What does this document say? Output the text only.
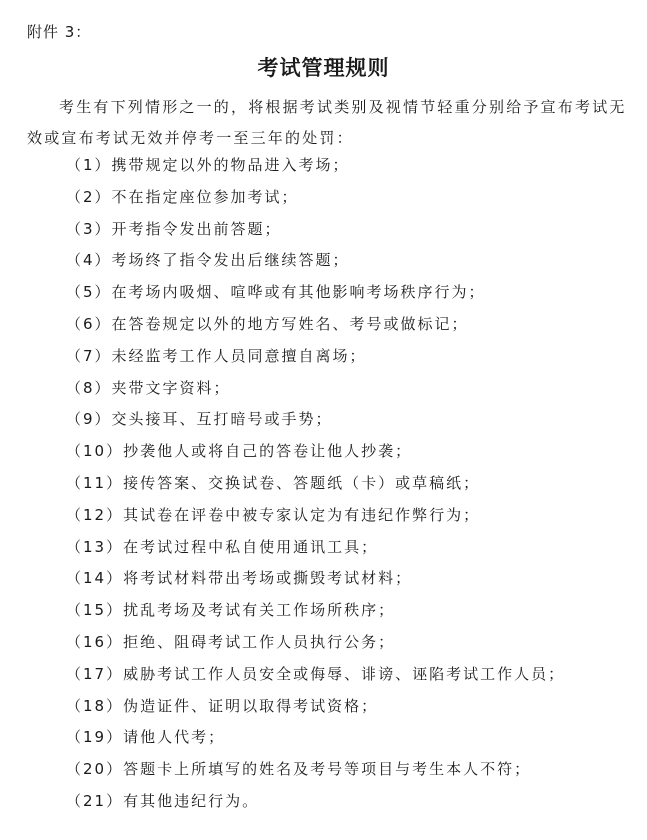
附件 3：
考试管理规则
考生有下列情形之一的，将根据考试类别及视情节轻重分别给予宣布考试无效或宣布考试无效并停考一至三年的处罚：
（1）携带规定以外的物品进入考场；
（2）不在指定座位参加考试；
（3）开考指令发出前答题；
（4）考场终了指令发出后继续答题；
（5）在考场内吸烟、喧哗或有其他影响考场秩序行为；
（6）在答卷规定以外的地方写姓名、考号或做标记；
（7）未经监考工作人员同意擅自离场；
（8）夹带文字资料；
（9）交头接耳、互打暗号或手势；
（10）抄袭他人或将自己的答卷让他人抄袭；
（11）接传答案、交换试卷、答题纸（卡）或草稿纸；
（12）其试卷在评卷中被专家认定为有违纪作弊行为；
（13）在考试过程中私自使用通讯工具；
（14）将考试材料带出考场或撕毁考试材料；
（15）扰乱考场及考试有关工作场所秩序；
（16）拒绝、阻碍考试工作人员执行公务；
（17）威胁考试工作人员安全或侮辱、诽谤、诬陷考试工作人员；
（18）伪造证件、证明以取得考试资格；
（19）请他人代考；
（20）答题卡上所填写的姓名及考号等项目与考生本人不符；
（21）有其他违纪行为。
